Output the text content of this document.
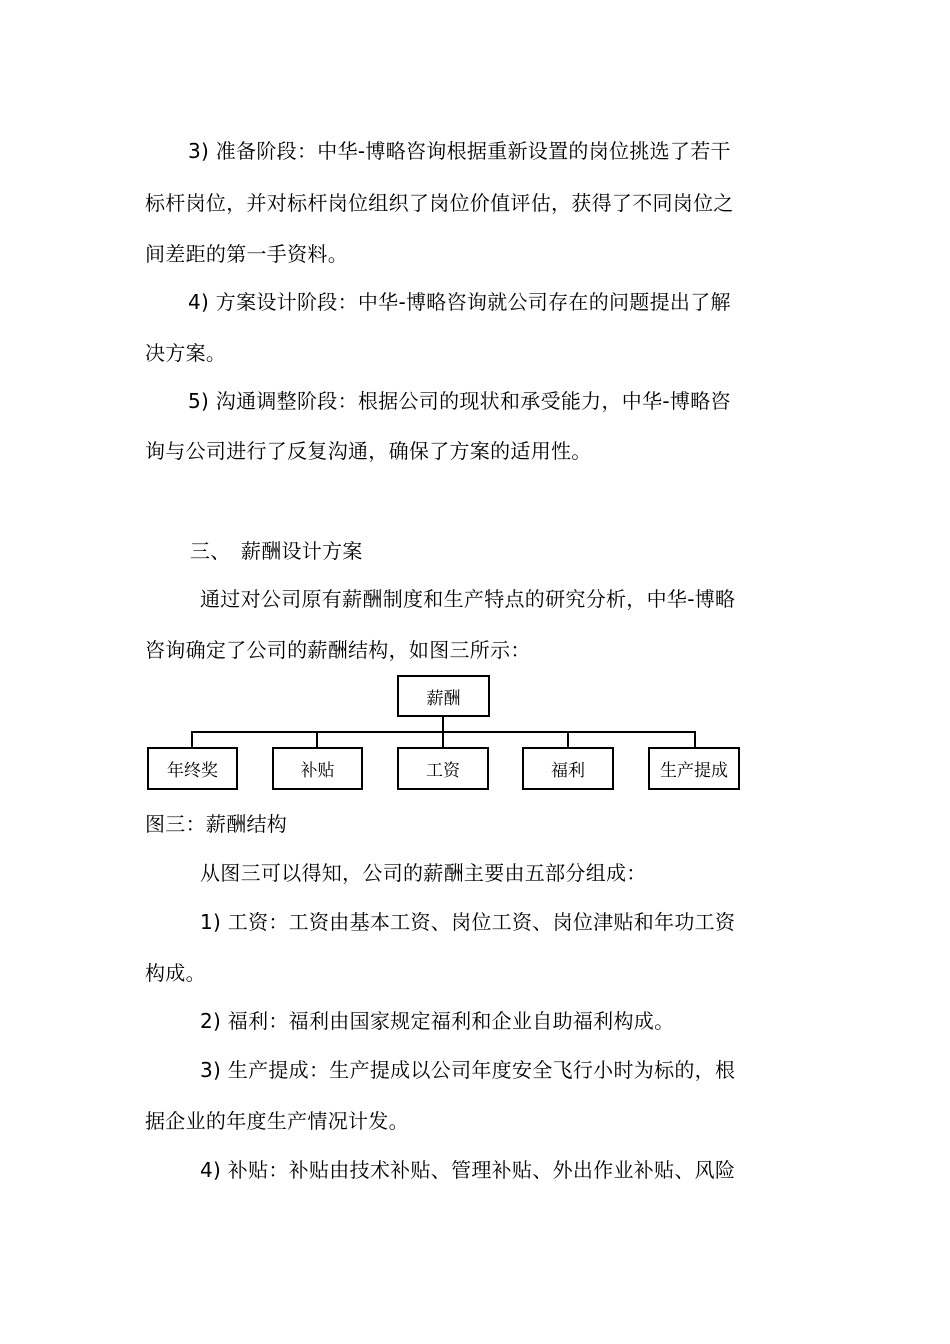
3) 准备阶段：中华-博略咨询根据重新设置的岗位挑选了若干
标杆岗位，并对标杆岗位组织了岗位价值评估，获得了不同岗位之
间差距的第一手资料。
4) 方案设计阶段：中华-博略咨询就公司存在的问题提出了解
决方案。
5) 沟通调整阶段：根据公司的现状和承受能力，中华-博略咨
询与公司进行了反复沟通，确保了方案的适用性。
三、　薪酬设计方案
通过对公司原有薪酬制度和生产特点的研究分析，中华-博略
咨询确定了公司的薪酬结构，如图三所示：
薪酬
年终奖	补贴	工资	福利	生产提成
图三：薪酬结构
从图三可以得知，公司的薪酬主要由五部分组成：
1) 工资：工资由基本工资、岗位工资、岗位津贴和年功工资
构成。
2) 福利：福利由国家规定福利和企业自助福利构成。
3) 生产提成：生产提成以公司年度安全飞行小时为标的，根
据企业的年度生产情况计发。
4) 补贴：补贴由技术补贴、管理补贴、外出作业补贴、风险
